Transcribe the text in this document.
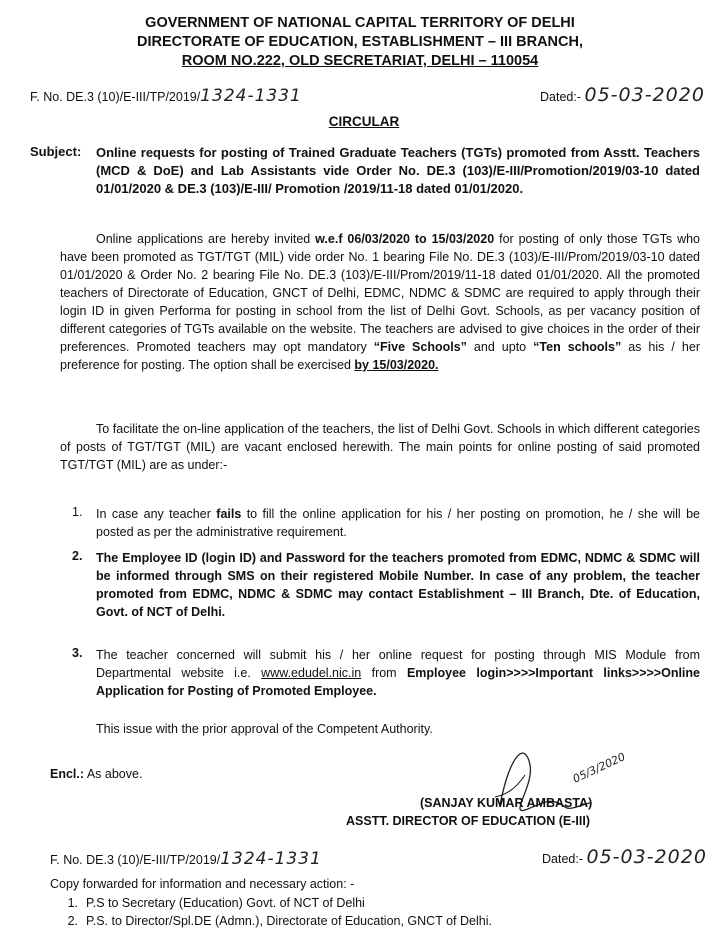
GOVERNMENT OF NATIONAL CAPITAL TERRITORY OF DELHI
DIRECTORATE OF EDUCATION, ESTABLISHMENT – III BRANCH,
ROOM NO.222, OLD SECRETARIAT, DELHI – 110054
F. No. DE.3 (10)/E-III/TP/2019/1324-1331	Dated:- 05-03-2020
CIRCULAR
Subject: Online requests for posting of Trained Graduate Teachers (TGTs) promoted from Asstt. Teachers (MCD & DoE) and Lab Assistants vide Order No. DE.3 (103)/E-III/Promotion/2019/03-10 dated 01/01/2020 & DE.3 (103)/E-III/ Promotion /2019/11-18 dated 01/01/2020.
Online applications are hereby invited w.e.f 06/03/2020 to 15/03/2020 for posting of only those TGTs who have been promoted as TGT/TGT (MIL) vide order No. 1 bearing File No. DE.3 (103)/E-III/Prom/2019/03-10 dated 01/01/2020 & Order No. 2 bearing File No. DE.3 (103)/E-III/Prom/2019/11-18 dated 01/01/2020. All the promoted teachers of Directorate of Education, GNCT of Delhi, EDMC, NDMC & SDMC are required to apply through their login ID in given Performa for posting in school from the list of Delhi Govt. Schools, as per vacancy position of different categories of TGTs available on the website. The teachers are advised to give choices in the order of their preferences. Promoted teachers may opt mandatory “Five Schools” and upto “Ten schools” as his / her preference for posting. The option shall be exercised by 15/03/2020.
To facilitate the on-line application of the teachers, the list of Delhi Govt. Schools in which different categories of posts of TGT/TGT (MIL) are vacant enclosed herewith. The main points for online posting of said promoted TGT/TGT (MIL) are as under:-
1. In case any teacher fails to fill the online application for his / her posting on promotion, he / she will be posted as per the administrative requirement.
2. The Employee ID (login ID) and Password for the teachers promoted from EDMC, NDMC & SDMC will be informed through SMS on their registered Mobile Number. In case of any problem, the teacher promoted from EDMC, NDMC & SDMC may contact Establishment – III Branch, Dte. of Education, Govt. of NCT of Delhi.
3. The teacher concerned will submit his / her online request for posting through MIS Module from Departmental website i.e. www.edudel.nic.in from Employee login>>>>Important links>>>>Online Application for Posting of Promoted Employee.
This issue with the prior approval of the Competent Authority.
Encl.: As above.	05/3/2020
(SANJAY KUMAR AMBASTA)
ASSTT. DIRECTOR OF EDUCATION (E-III)
F. No. DE.3 (10)/E-III/TP/2019/1324-1331	Dated:- 05-03-2020
Copy forwarded for information and necessary action: -
1. P.S to Secretary (Education) Govt. of NCT of Delhi
2. P.S. to Director/Spl.DE (Admn.), Directorate of Education, GNCT of Delhi.
